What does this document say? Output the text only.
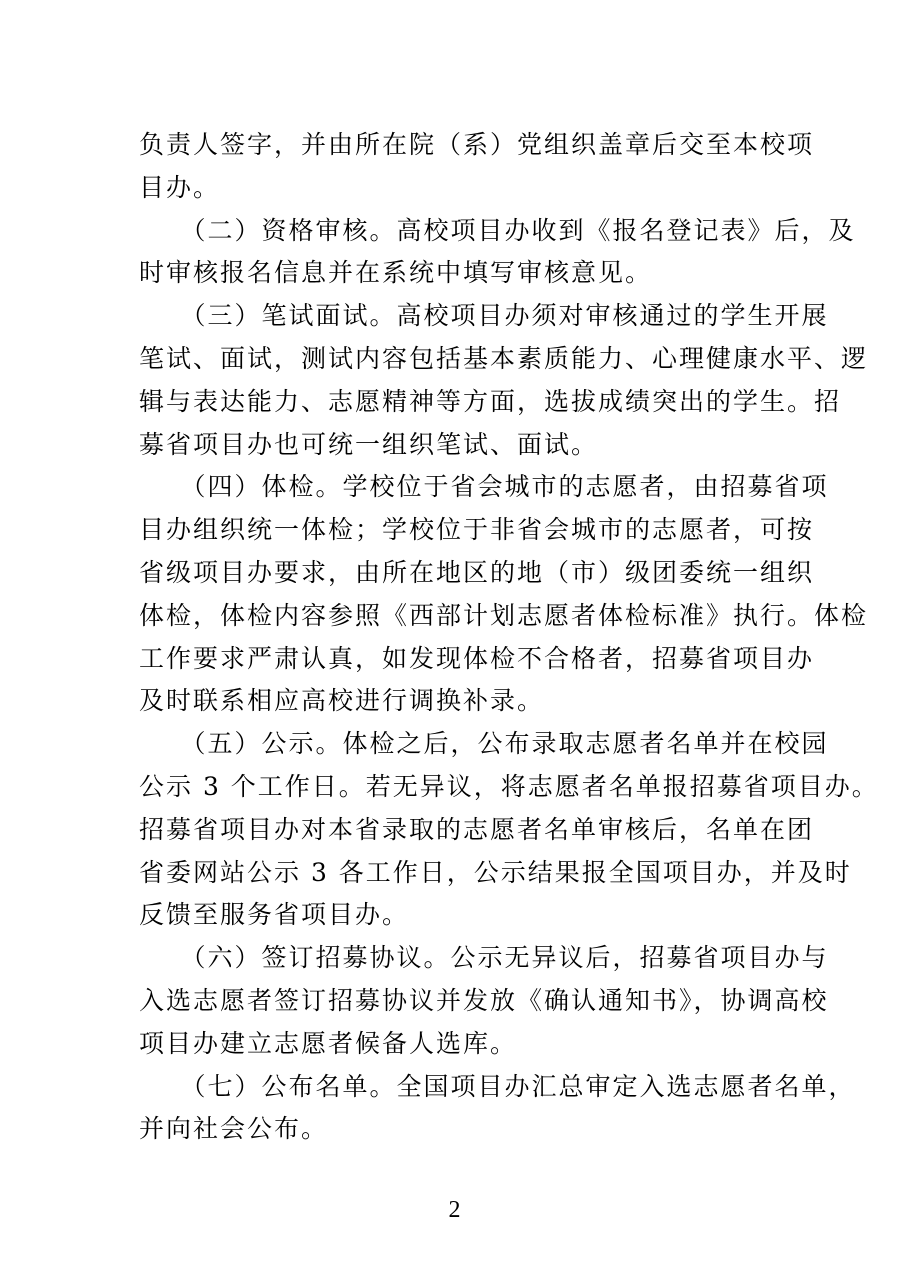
负责人签字，并由所在院（系）党组织盖章后交至本校项
目办。
　　（二）资格审核。高校项目办收到《报名登记表》后，及
时审核报名信息并在系统中填写审核意见。
　　（三）笔试面试。高校项目办须对审核通过的学生开展
笔试、面试，测试内容包括基本素质能力、心理健康水平、逻
辑与表达能力、志愿精神等方面，选拔成绩突出的学生。招
募省项目办也可统一组织笔试、面试。
　　（四）体检。学校位于省会城市的志愿者，由招募省项
目办组织统一体检；学校位于非省会城市的志愿者，可按
省级项目办要求，由所在地区的地（市）级团委统一组织
体检，体检内容参照《西部计划志愿者体检标准》执行。体检
工作要求严肃认真，如发现体检不合格者，招募省项目办
及时联系相应高校进行调换补录。
　　（五）公示。体检之后，公布录取志愿者名单并在校园
公示 3 个工作日。若无异议，将志愿者名单报招募省项目办。
招募省项目办对本省录取的志愿者名单审核后，名单在团
省委网站公示 3 各工作日，公示结果报全国项目办，并及时
反馈至服务省项目办。
　　（六）签订招募协议。公示无异议后，招募省项目办与
入选志愿者签订招募协议并发放《确认通知书》，协调高校
项目办建立志愿者候备人选库。
　　（七）公布名单。全国项目办汇总审定入选志愿者名单，
并向社会公布。
2
